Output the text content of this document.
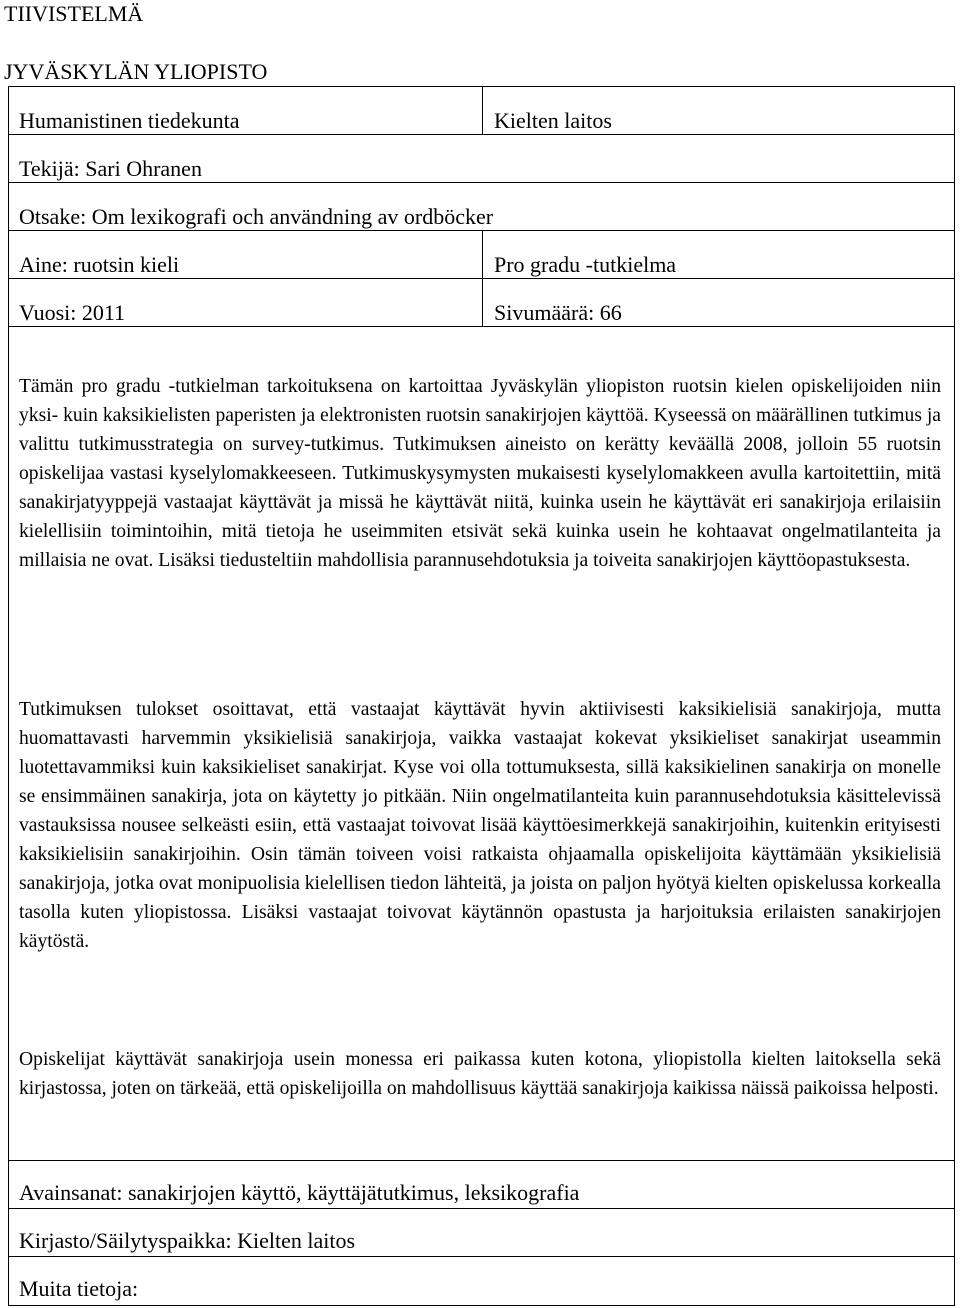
TIIVISTELMÄ
JYVÄSKYLÄN YLIOPISTO
Humanistinen tiedekunta	Kielten laitos
Tekijä: Sari Ohranen
Otsake: Om lexikografi och användning av ordböcker
Aine: ruotsin kieli	Pro gradu -tutkielma
Vuosi: 2011	Sivumäärä: 66

Tämän pro gradu -tutkielman tarkoituksena on kartoittaa Jyväskylän yliopiston ruotsin kielen opiskelijoiden niin yksi- kuin kaksikielisten paperisten ja elektronisten ruotsin sanakirjojen käyttöä. Kyseessä on määrällinen tutkimus ja valittu tutkimusstrategia on survey-tutkimus. Tutkimuksen aineisto on kerätty keväällä 2008, jolloin 55 ruotsin opiskelijaa vastasi kyselylomakkeeseen. Tutkimuskysymysten mukaisesti kyselylomakkeen avulla kartoitettiin, mitä sanakirjatyyppejä vastaajat käyttävät ja missä he käyttävät niitä, kuinka usein he käyttävät eri sanakirjoja erilaisiin kielellisiin toimintoihin, mitä tietoja he useimmiten etsivät sekä kuinka usein he kohtaavat ongelmatilanteita ja millaisia ne ovat. Lisäksi tiedusteltiin mahdollisia parannusehdotuksia ja toiveita sanakirjojen käyttöopastuksesta.

Tutkimuksen tulokset osoittavat, että vastaajat käyttävät hyvin aktiivisesti kaksikielisiä sanakirjoja, mutta huomattavasti harvemmin yksikielisiä sanakirjoja, vaikka vastaajat kokevat yksikieliset sanakirjat useammin luotettavammiksi kuin kaksikieliset sanakirjat. Kyse voi olla tottumuksesta, sillä kaksikielinen sanakirja on monelle se ensimmäinen sanakirja, jota on käytetty jo pitkään. Niin ongelmatilanteita kuin parannusehdotuksia käsittelevissä vastauksissa nousee selkeästi esiin, että vastaajat toivovat lisää käyttöesimerkkejä sanakirjoihin, kuitenkin erityisesti kaksikielisiin sanakirjoihin. Osin tämän toiveen voisi ratkaista ohjaamalla opiskelijoita käyttämään yksikielisiä sanakirjoja, jotka ovat monipuolisia kielellisen tiedon lähteitä, ja joista on paljon hyötyä kielten opiskelussa korkealla tasolla kuten yliopistossa. Lisäksi vastaajat toivovat käytännön opastusta ja harjoituksia erilaisten sanakirjojen käytöstä.

Opiskelijat käyttävät sanakirjoja usein monessa eri paikassa kuten kotona, yliopistolla kielten laitoksella sekä kirjastossa, joten on tärkeää, että opiskelijoilla on mahdollisuus käyttää sanakirjoja kaikissa näissä paikoissa helposti.

Avainsanat: sanakirjojen käyttö, käyttäjätutkimus, leksikografia
Kirjasto/Säilytyspaikka: Kielten laitos
Muita tietoja:
